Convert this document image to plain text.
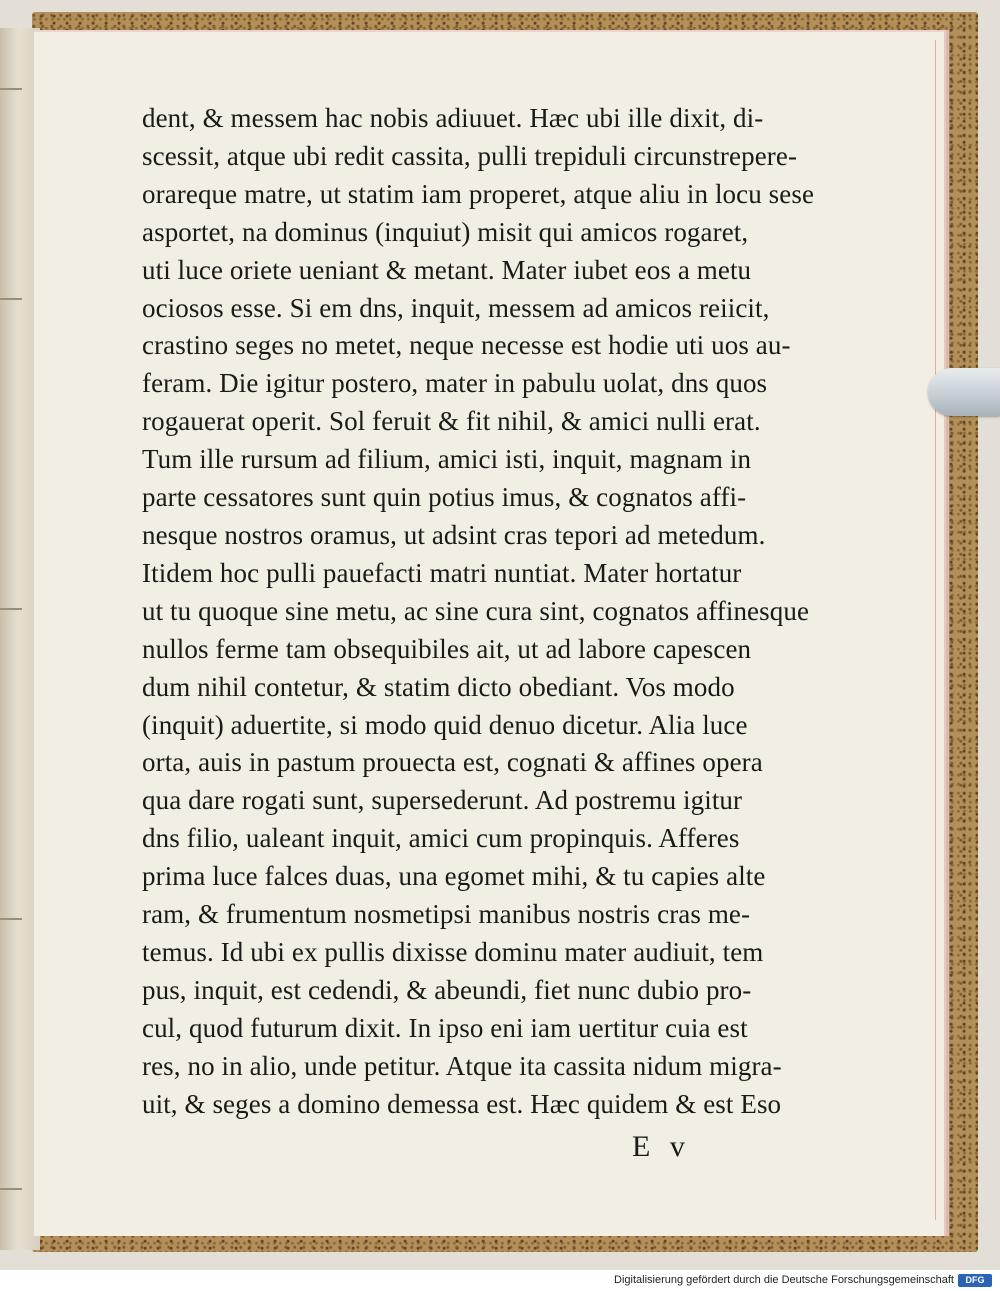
dent, & messem hac nobis adiuuet. Hæc ubi ille dixit, di-
scessit, atque ubi redit cassita, pulli trepiduli circunstrepere-
orareque matre, ut statim iam properet, atque aliu in locu sese
asportet, na dominus (inquiut) misit qui amicos rogaret,
uti luce oriete ueniant & metant. Mater iubet eos a metu
ociosos esse. Si em dns, inquit, messem ad amicos reiicit,
crastino seges no metet, neque necesse est hodie uti uos au-
feram. Die igitur postero, mater in pabulu uolat, dns quos
rogauerat operit. Sol feruit & fit nihil, & amici nulli erat.
Tum ille rursum ad filium, amici isti, inquit, magnam in
parte cessatores sunt quin potius imus, & cognatos affi-
nesque nostros oramus, ut adsint cras tepori ad metedum.
Itidem hoc pulli pauefacti matri nuntiat. Mater hortatur
ut tu quoque sine metu, ac sine cura sint, cognatos affinesque
nullos ferme tam obsequibiles ait, ut ad labore capescen
dum nihil contetur, & statim dicto obediant. Vos modo
(inquit) aduertite, si modo quid denuo dicetur. Alia luce
orta, auis in pastum prouecta est, cognati & affines opera
qua dare rogati sunt, supersederunt. Ad postremu igitur
dns filio, ualeant inquit, amici cum propinquis. Afferes
prima luce falces duas, una egomet mihi, & tu capies alte
ram, & frumentum nosmetipsi manibus nostris cras me-
temus. Id ubi ex pullis dixisse dominu mater audiuit, tem
pus, inquit, est cedendi, & abeundi, fiet nunc dubio pro-
cul, quod futurum dixit. In ipso eni iam uertitur cuia est
res, no in alio, unde petitur. Atque ita cassita nidum migra-
uit, & seges a domino demessa est. Hæc quidem & est Eso
E v
Digitalisierung gefördert durch die Deutsche Forschungsgemeinschaft	DFG
